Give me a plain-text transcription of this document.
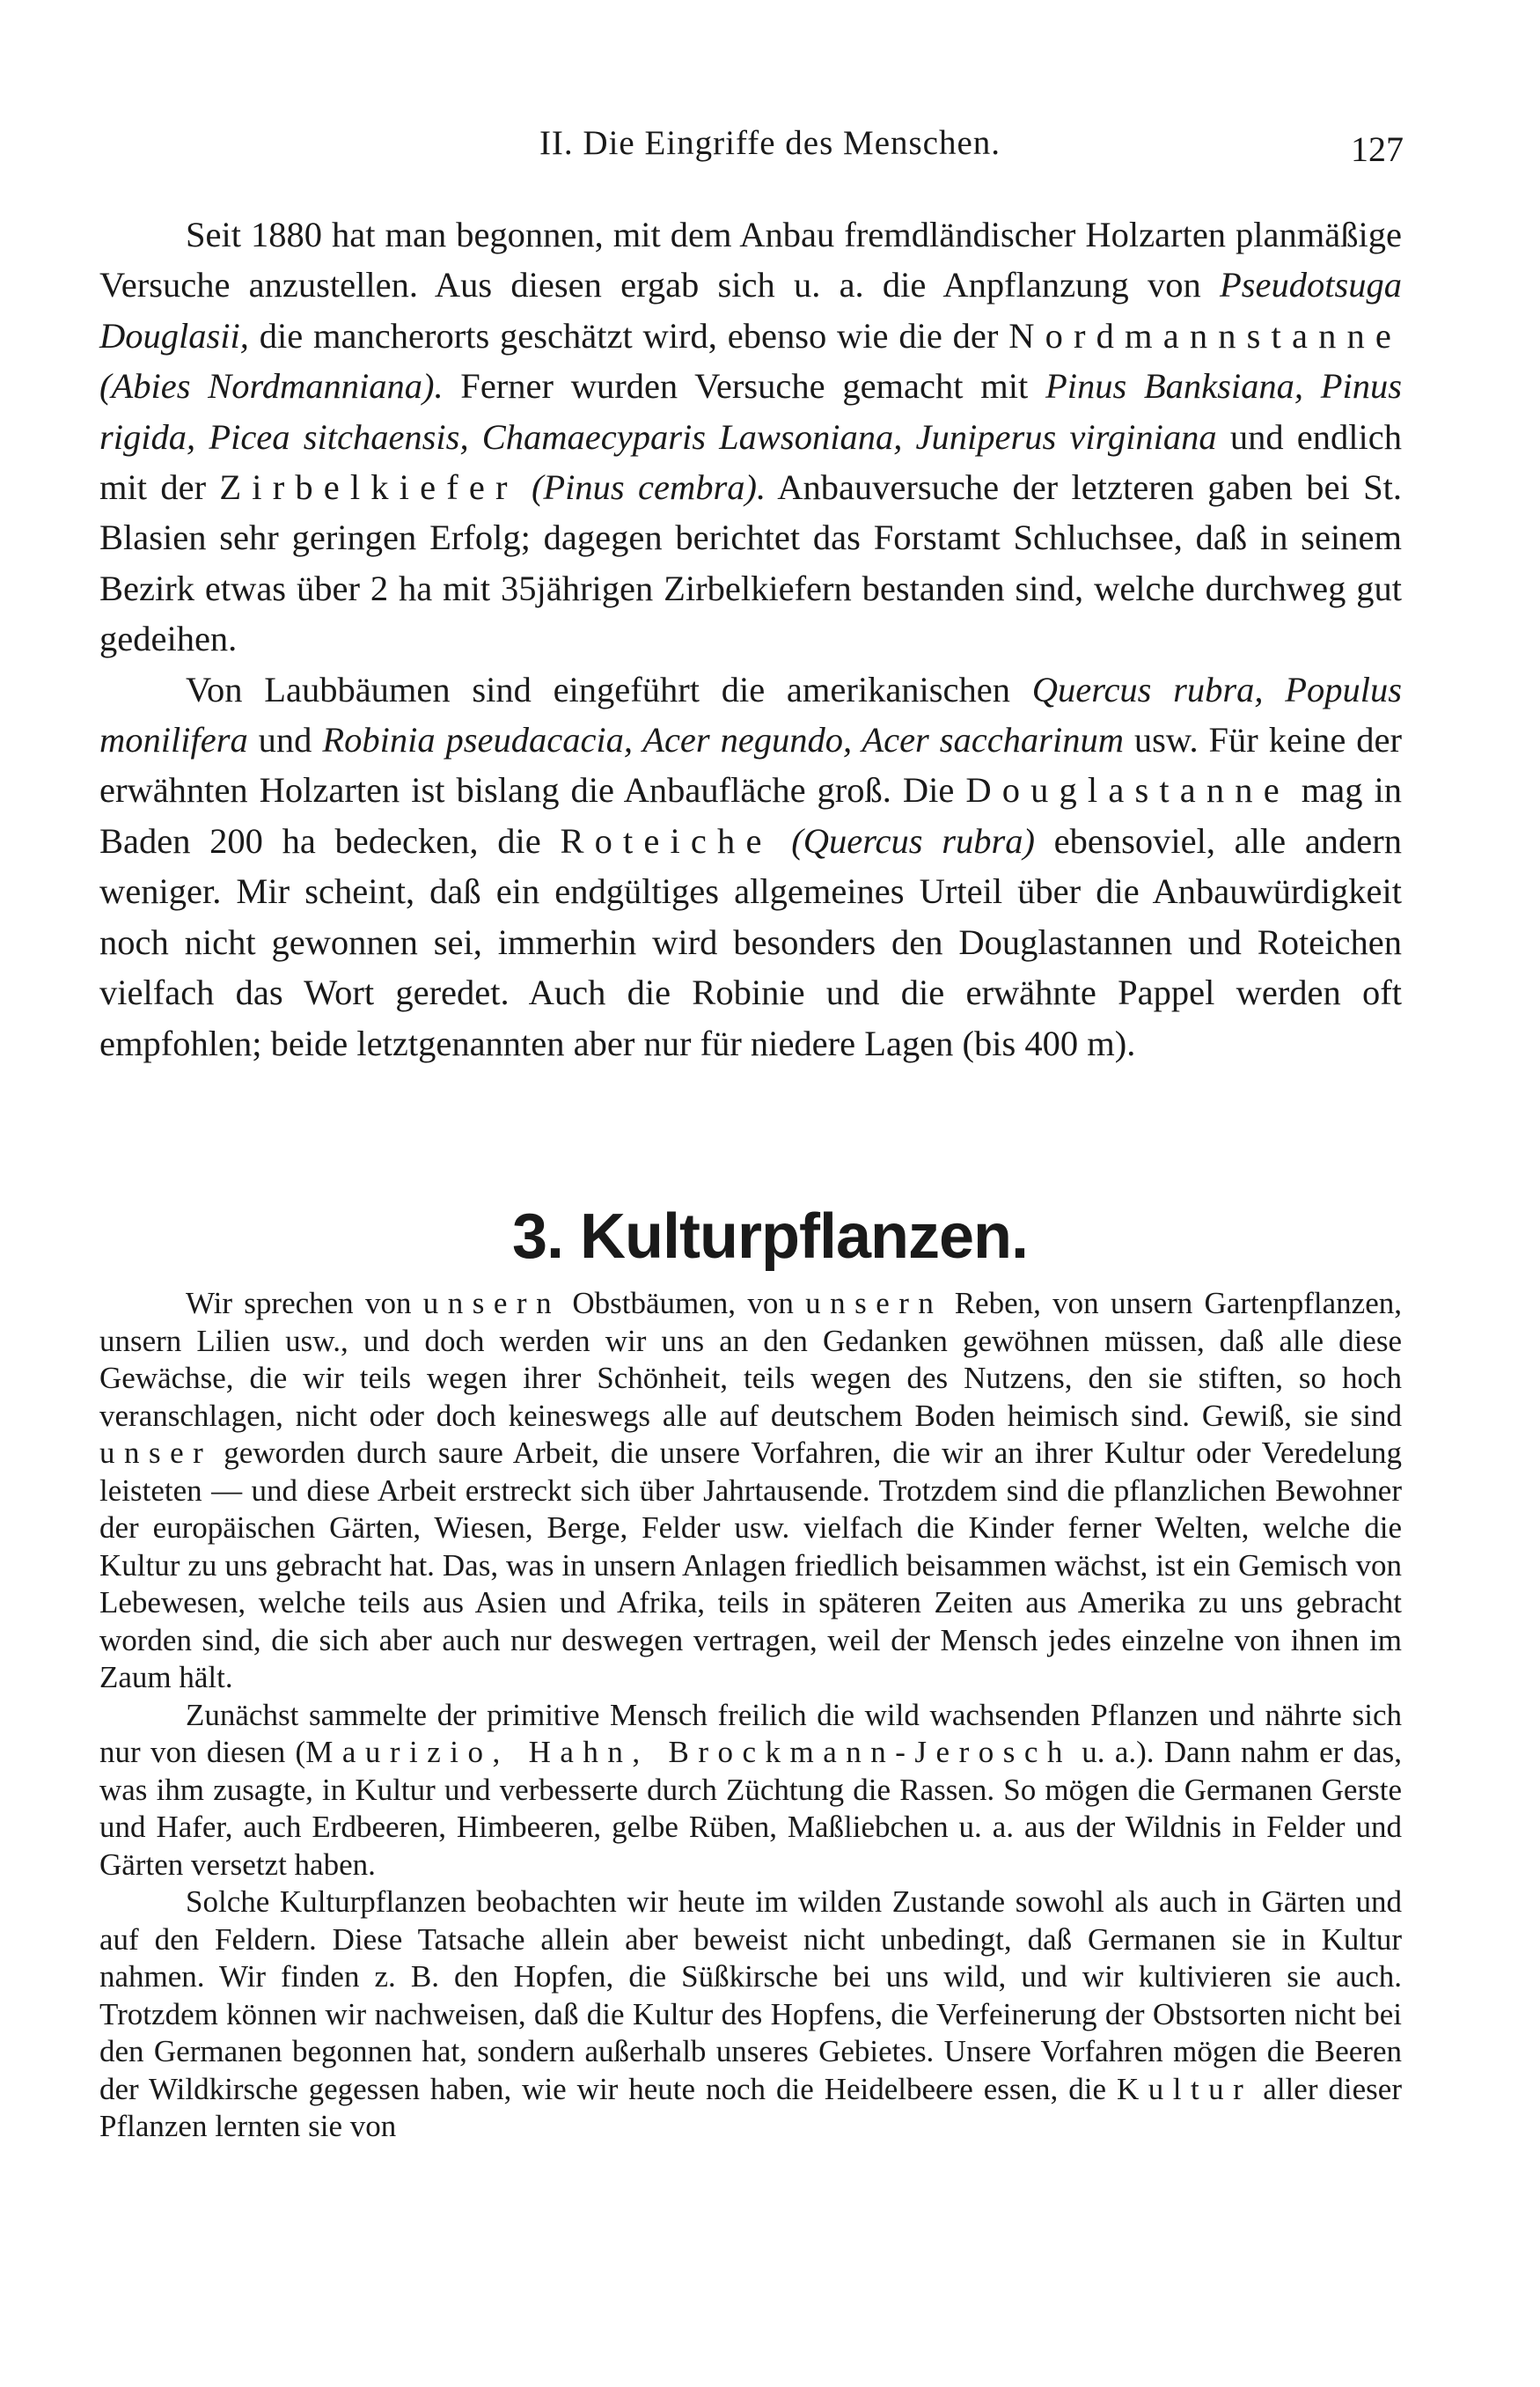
II. Die Eingriffe des Menschen.	127

Seit 1880 hat man begonnen, mit dem Anbau fremdländischer Holzarten planmäßige Versuche anzustellen. Aus diesen ergab sich u. a. die Anpflanzung von Pseudotsuga Douglasii, die mancherorts geschätzt wird, ebenso wie die der Nordmannstanne (Abies Nordmanniana). Ferner wurden Versuche gemacht mit Pinus Banksiana, Pinus rigida, Picea sitchaensis, Chamaecyparis Lawsoniana, Juniperus virginiana und endlich mit der Zirbelkiefer (Pinus cembra). Anbauversuche der letzteren gaben bei St. Blasien sehr geringen Erfolg; dagegen berichtet das Forstamt Schluchsee, daß in seinem Bezirk etwas über 2 ha mit 35jährigen Zirbelkiefern bestanden sind, welche durchweg gut gedeihen.

Von Laubbäumen sind eingeführt die amerikanischen Quercus rubra, Populus monilifera und Robinia pseudacacia, Acer negundo, Acer saccharinum usw. Für keine der erwähnten Holzarten ist bislang die Anbaufläche groß. Die Douglastanne mag in Baden 200 ha bedecken, die Roteiche (Quercus rubra) ebensoviel, alle andern weniger. Mir scheint, daß ein endgültiges allgemeines Urteil über die Anbauwürdigkeit noch nicht gewonnen sei, immerhin wird besonders den Douglastannen und Roteichen vielfach das Wort geredet. Auch die Robinie und die erwähnte Pappel werden oft empfohlen; beide letztgenannten aber nur für niedere Lagen (bis 400 m).

3. Kulturpflanzen.

Wir sprechen von unsern Obstbäumen, von unsern Reben, von unsern Gartenpflanzen, unsern Lilien usw., und doch werden wir uns an den Gedanken gewöhnen müssen, daß alle diese Gewächse, die wir teils wegen ihrer Schönheit, teils wegen des Nutzens, den sie stiften, so hoch veranschlagen, nicht oder doch keineswegs alle auf deutschem Boden heimisch sind. Gewiß, sie sind unser geworden durch saure Arbeit, die unsere Vorfahren, die wir an ihrer Kultur oder Veredelung leisteten — und diese Arbeit erstreckt sich über Jahrtausende. Trotzdem sind die pflanzlichen Bewohner der europäischen Gärten, Wiesen, Berge, Felder usw. vielfach die Kinder ferner Welten, welche die Kultur zu uns gebracht hat. Das, was in unsern Anlagen friedlich beisammen wächst, ist ein Gemisch von Lebewesen, welche teils aus Asien und Afrika, teils in späteren Zeiten aus Amerika zu uns gebracht worden sind, die sich aber auch nur deswegen vertragen, weil der Mensch jedes einzelne von ihnen im Zaum hält.

Zunächst sammelte der primitive Mensch freilich die wild wachsenden Pflanzen und nährte sich nur von diesen (Maurizio, Hahn, Brockmann-Jerosch u. a.). Dann nahm er das, was ihm zusagte, in Kultur und verbesserte durch Züchtung die Rassen. So mögen die Germanen Gerste und Hafer, auch Erdbeeren, Himbeeren, gelbe Rüben, Maßliebchen u. a. aus der Wildnis in Felder und Gärten versetzt haben.

Solche Kulturpflanzen beobachten wir heute im wilden Zustande sowohl als auch in Gärten und auf den Feldern. Diese Tatsache allein aber beweist nicht unbedingt, daß Germanen sie in Kultur nahmen. Wir finden z. B. den Hopfen, die Süßkirsche bei uns wild, und wir kultivieren sie auch. Trotzdem können wir nachweisen, daß die Kultur des Hopfens, die Verfeinerung der Obstsorten nicht bei den Germanen begonnen hat, sondern außerhalb unseres Gebietes. Unsere Vorfahren mögen die Beeren der Wildkirsche gegessen haben, wie wir heute noch die Heidelbeere essen, die Kultur aller dieser Pflanzen lernten sie von
